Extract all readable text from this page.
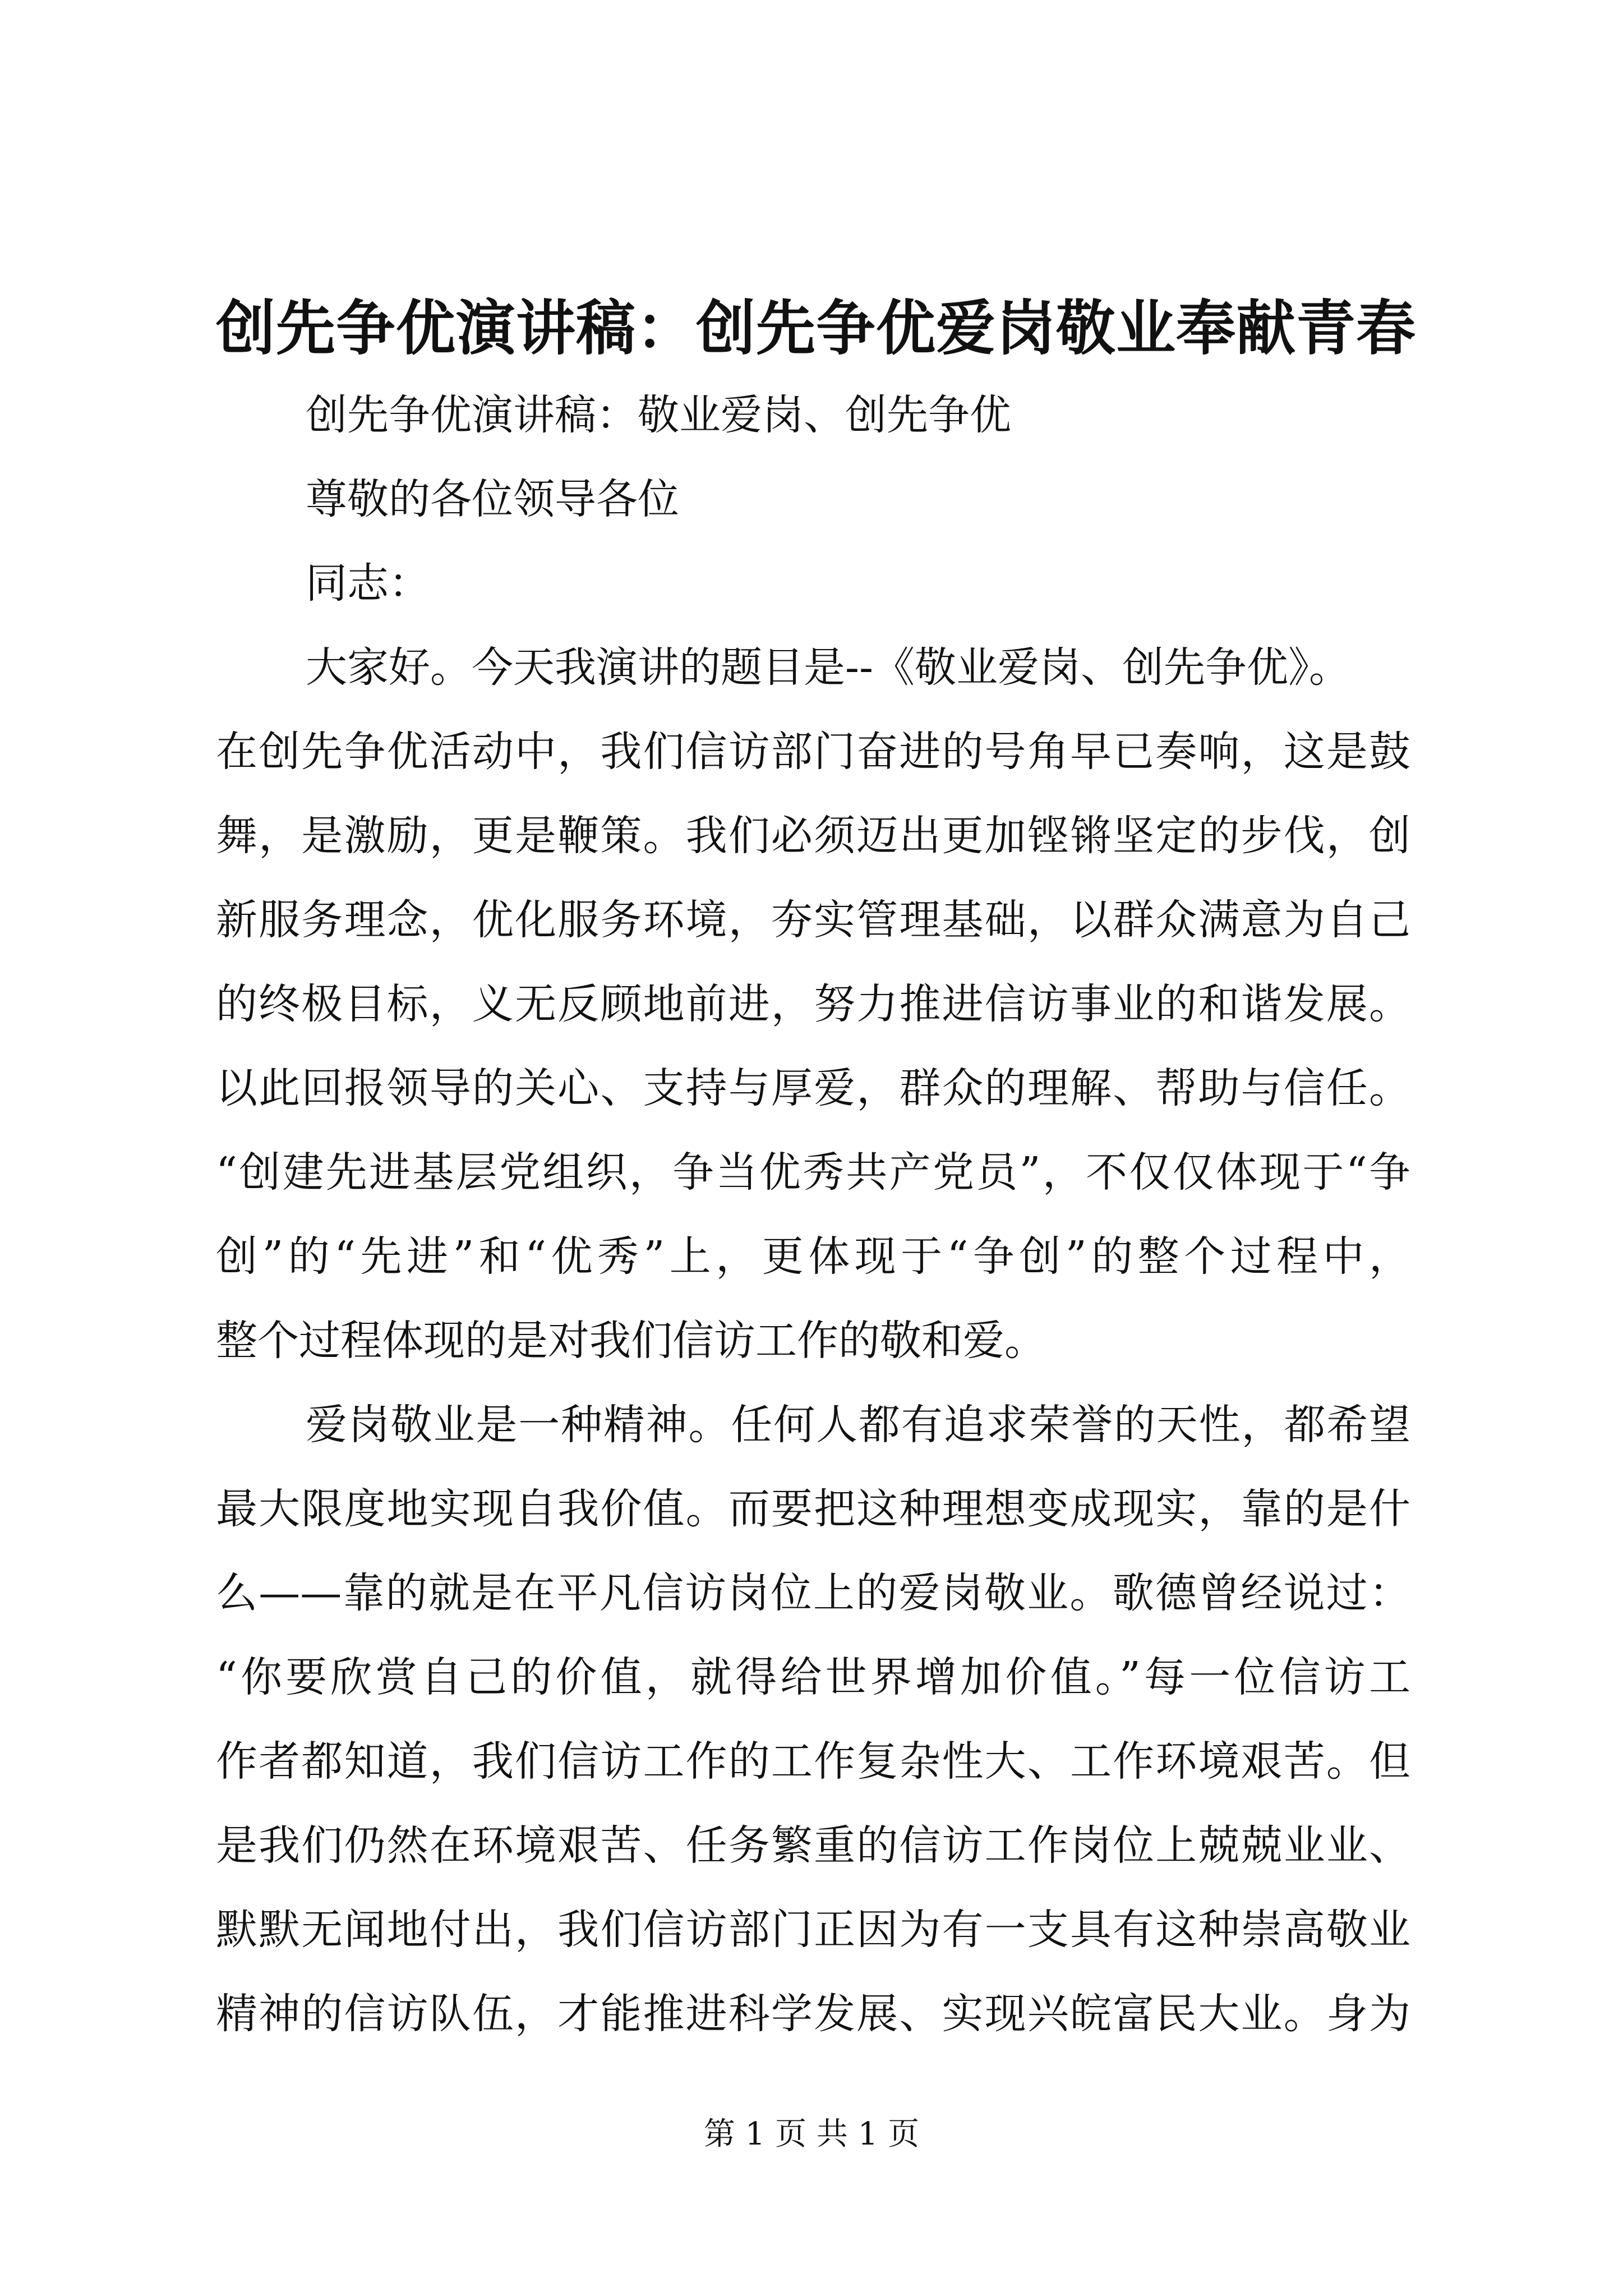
创先争优演讲稿：创先争优爱岗敬业奉献青春
创先争优演讲稿：敬业爱岗、创先争优
尊敬的各位领导各位
同志：
大家好。今天我演讲的题目是--《敬业爱岗、创先争优》。
在创先争优活动中，我们信访部门奋进的号角早已奏响，这是鼓
舞，是激励，更是鞭策。我们必须迈出更加铿锵坚定的步伐，创
新服务理念，优化服务环境，夯实管理基础，以群众满意为自己
的终极目标，义无反顾地前进，努力推进信访事业的和谐发展。
以此回报领导的关心、支持与厚爱，群众的理解、帮助与信任。
“创建先进基层党组织，争当优秀共产党员”，不仅仅体现于“争
创”的“先进”和“优秀”上，更体现于“争创”的整个过程中，
整个过程体现的是对我们信访工作的敬和爱。
爱岗敬业是一种精神。任何人都有追求荣誉的天性，都希望
最大限度地实现自我价值。而要把这种理想变成现实，靠的是什
么——靠的就是在平凡信访岗位上的爱岗敬业。歌德曾经说过：
“你要欣赏自己的价值，就得给世界增加价值。”每一位信访工
作者都知道，我们信访工作的工作复杂性大、工作环境艰苦。但
是我们仍然在环境艰苦、任务繁重的信访工作岗位上兢兢业业、
默默无闻地付出，我们信访部门正因为有一支具有这种崇高敬业
精神的信访队伍，才能推进科学发展、实现兴皖富民大业。身为
第 1 页 共 1 页
